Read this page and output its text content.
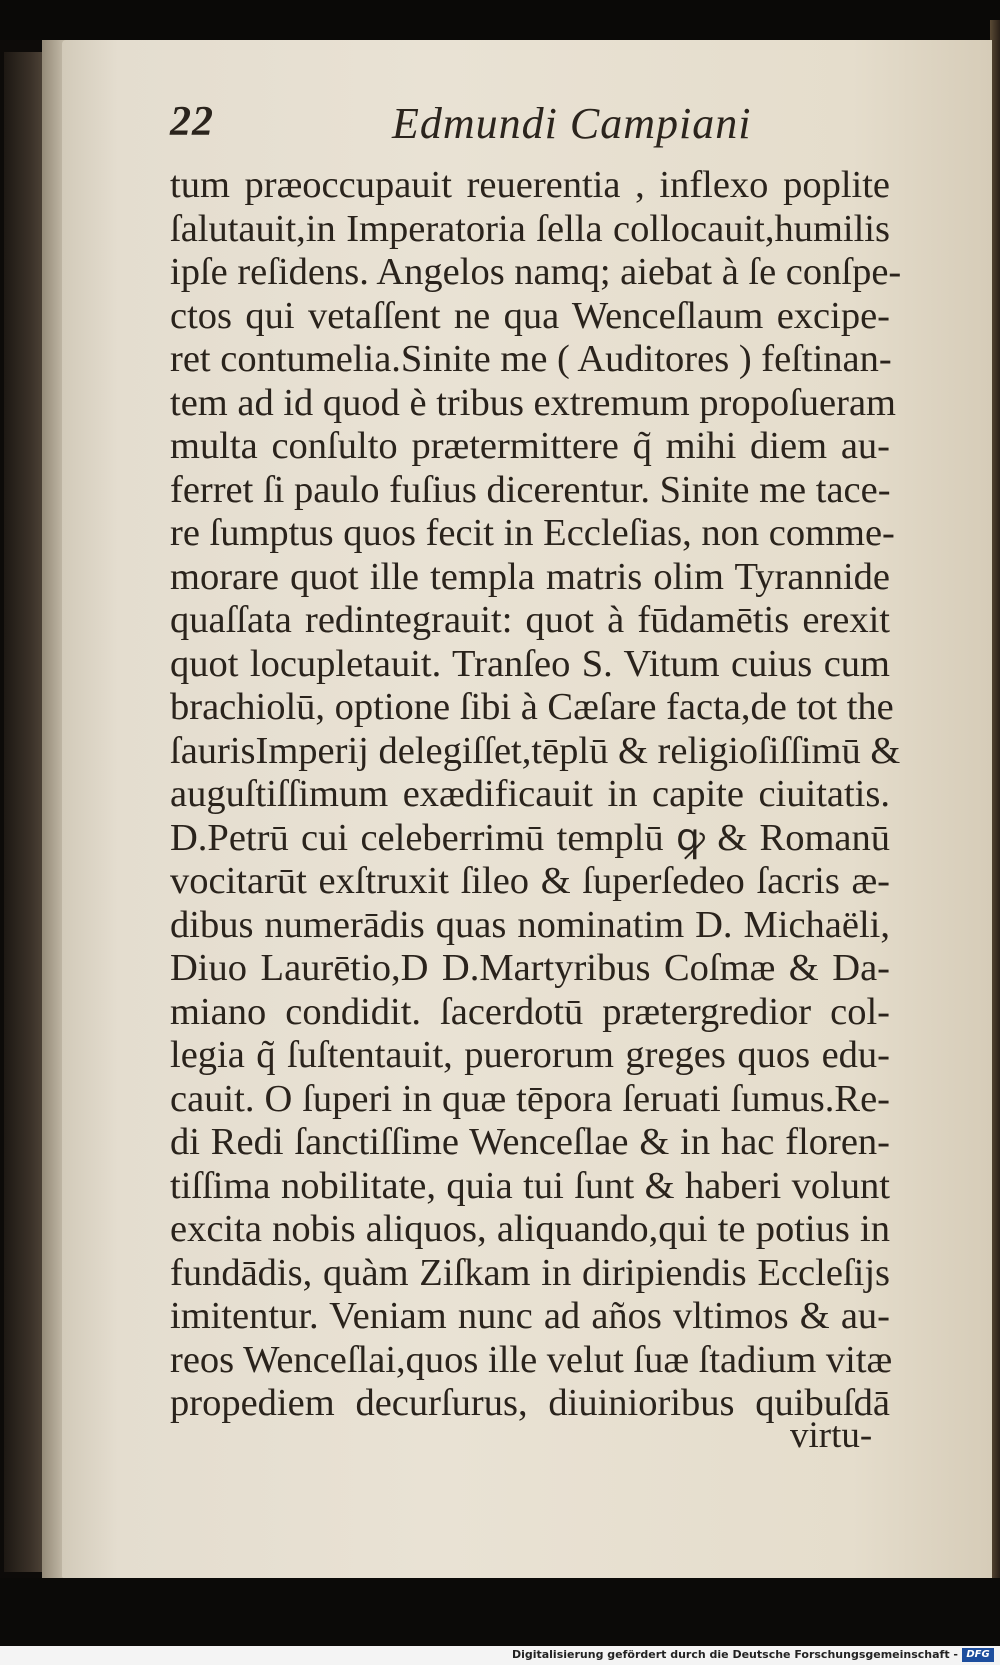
22	Edmundi Campiani
tum præoccupauit reuerentia , inflexo poplite
ſalutauit,in Imperatoria ſella collocauit,humilis
ipſe reſidens. Angelos namq; aiebat à ſe conſpe-
ctos qui vetaſſent ne qua Wenceſlaum excipe-
ret contumelia.Sinite me ( Auditores ) feſtinan-
tem ad id quod è tribus extremum propoſueram
multa conſulto prætermittere q̃ mihi diem au-
ferret ſi paulo fuſius dicerentur. Sinite me tace-
re ſumptus quos fecit in Eccleſias, non comme-
morare quot ille templa matris olim Tyrannide
quaſſata redintegrauit: quot à fūdamētis erexit
quot locupletauit. Tranſeo S. Vitum cuius cum
brachiolū, optione ſibi à Cæſare facta,de tot the
ſaurisImperij delegiſſet,tēplū & religioſiſſimū &
auguſtiſſimum exædificauit in capite ciuitatis.
D.Petrū cui celeberrimū templū ꝙ & Romanū
vocitarūt exſtruxit ſileo & ſuperſedeo ſacris æ-
dibus numerādis quas nominatim D. Michaëli,
Diuo Laurētio,D D.Martyribus Coſmæ & Da-
miano condidit. ſacerdotū prætergredior col-
legia q̃ ſuſtentauit, puerorum greges quos edu-
cauit. O ſuperi in quæ tēpora ſeruati ſumus.Re-
di Redi ſanctiſſime Wenceſlae & in hac floren-
tiſſima nobilitate, quia tui ſunt & haberi volunt
excita nobis aliquos, aliquando,qui te potius in
fundādis, quàm Ziſkam in diripiendis Eccleſijs
imitentur. Veniam nunc ad años vltimos & au-
reos Wenceſlai,quos ille velut ſuæ ſtadium vitæ
propediem decurſurus, diuinioribus quibuſdā
virtu-
Digitalisierung gefördert durch die Deutsche Forschungsgemeinschaft - DFG
